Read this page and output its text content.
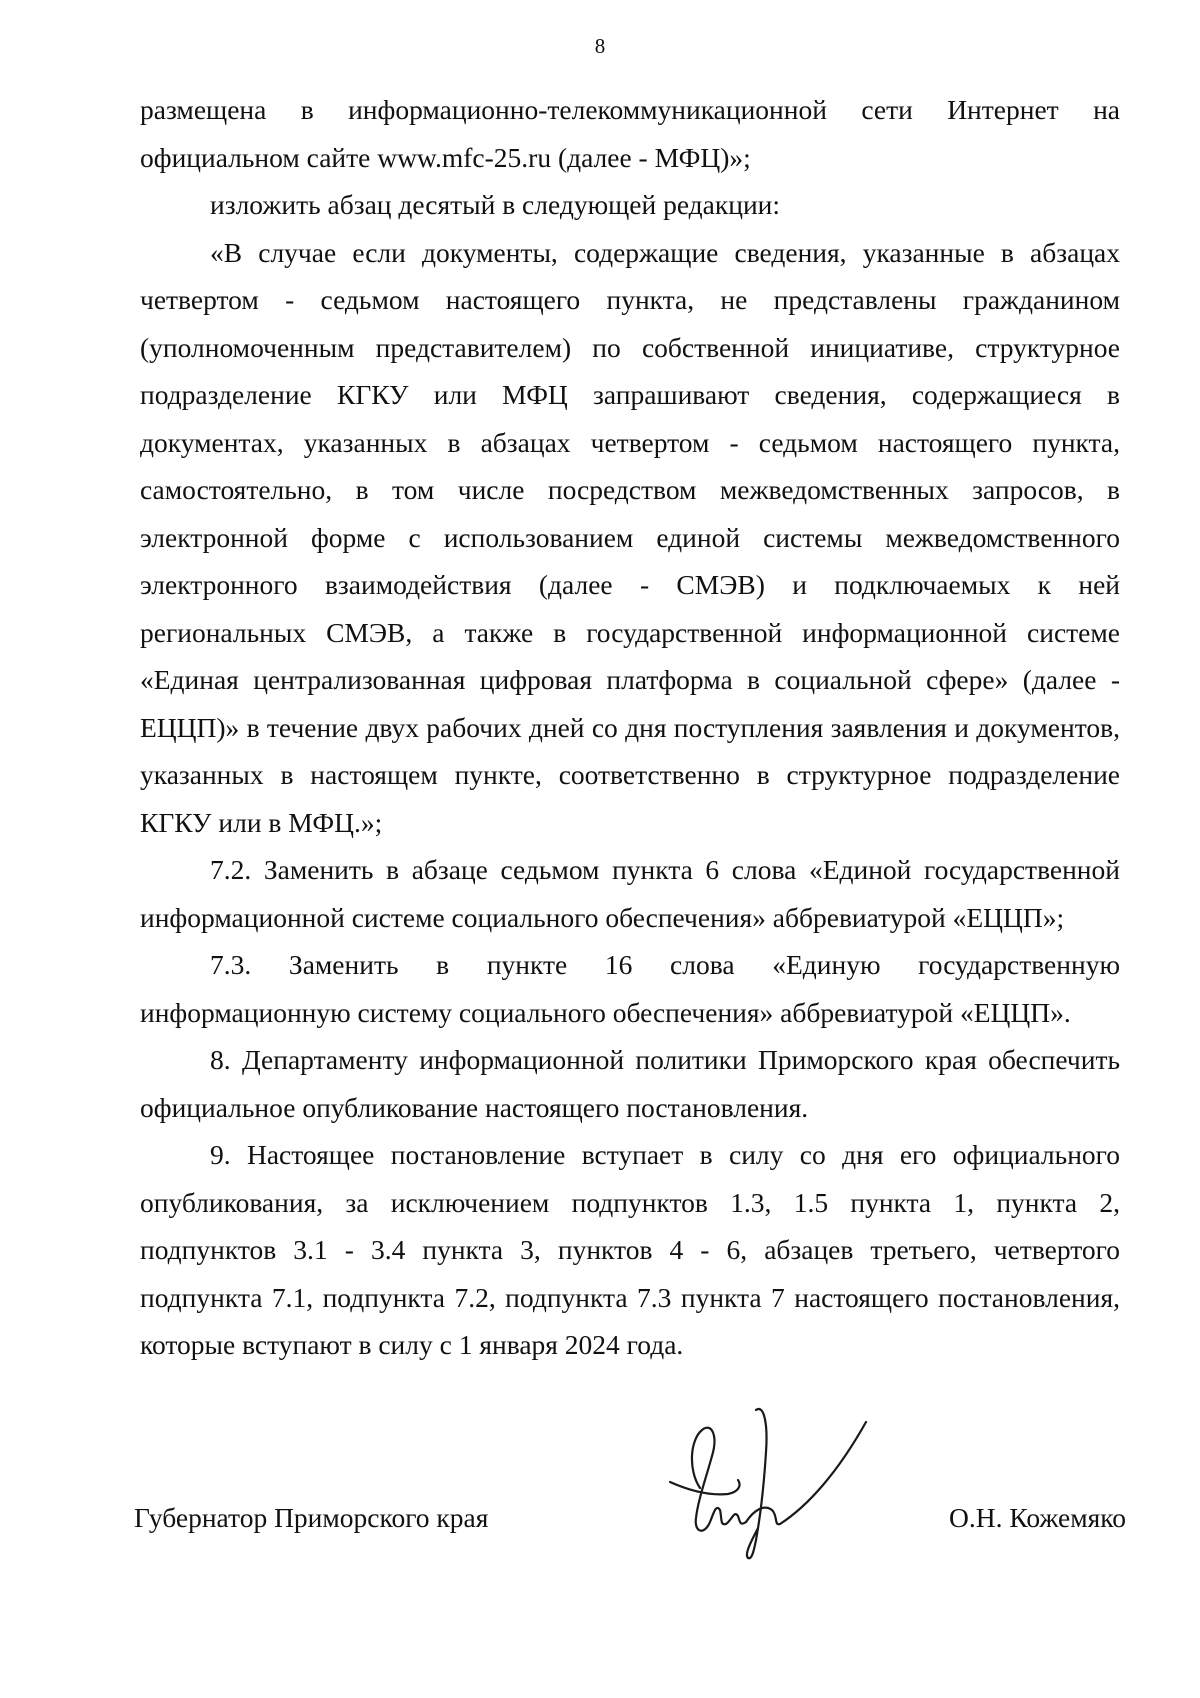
8

размещена в информационно-телекоммуникационной сети Интернет на официальном сайте www.mfc-25.ru (далее - МФЦ)»;

изложить абзац десятый в следующей редакции:

«В случае если документы, содержащие сведения, указанные в абзацах четвертом - седьмом настоящего пункта, не представлены гражданином (уполномоченным представителем) по собственной инициативе, структурное подразделение КГКУ или МФЦ запрашивают сведения, содержащиеся в документах, указанных в абзацах четвертом - седьмом настоящего пункта, самостоятельно, в том числе посредством межведомственных запросов, в электронной форме с использованием единой системы межведомственного электронного взаимодействия (далее - СМЭВ) и подключаемых к ней региональных СМЭВ, а также в государственной информационной системе «Единая централизованная цифровая платформа в социальной сфере» (далее - ЕЦЦП)» в течение двух рабочих дней со дня поступления заявления и документов, указанных в настоящем пункте, соответственно в структурное подразделение КГКУ или в МФЦ.»;

7.2. Заменить в абзаце седьмом пункта 6 слова «Единой государственной информационной системе социального обеспечения» аббревиатурой «ЕЦЦП»;

7.3. Заменить в пункте 16 слова «Единую государственную информационную систему социального обеспечения» аббревиатурой «ЕЦЦП».

8. Департаменту информационной политики Приморского края обеспечить официальное опубликование настоящего постановления.

9. Настоящее постановление вступает в силу со дня его официального опубликования, за исключением подпунктов 1.3, 1.5 пункта 1, пункта 2, подпунктов 3.1 - 3.4 пункта 3, пунктов 4 - 6, абзацев третьего, четвертого подпункта 7.1, подпункта 7.2, подпункта 7.3 пункта 7 настоящего постановления, которые вступают в силу с 1 января 2024 года.

Губернатор Приморского края	О.Н. Кожемяко
